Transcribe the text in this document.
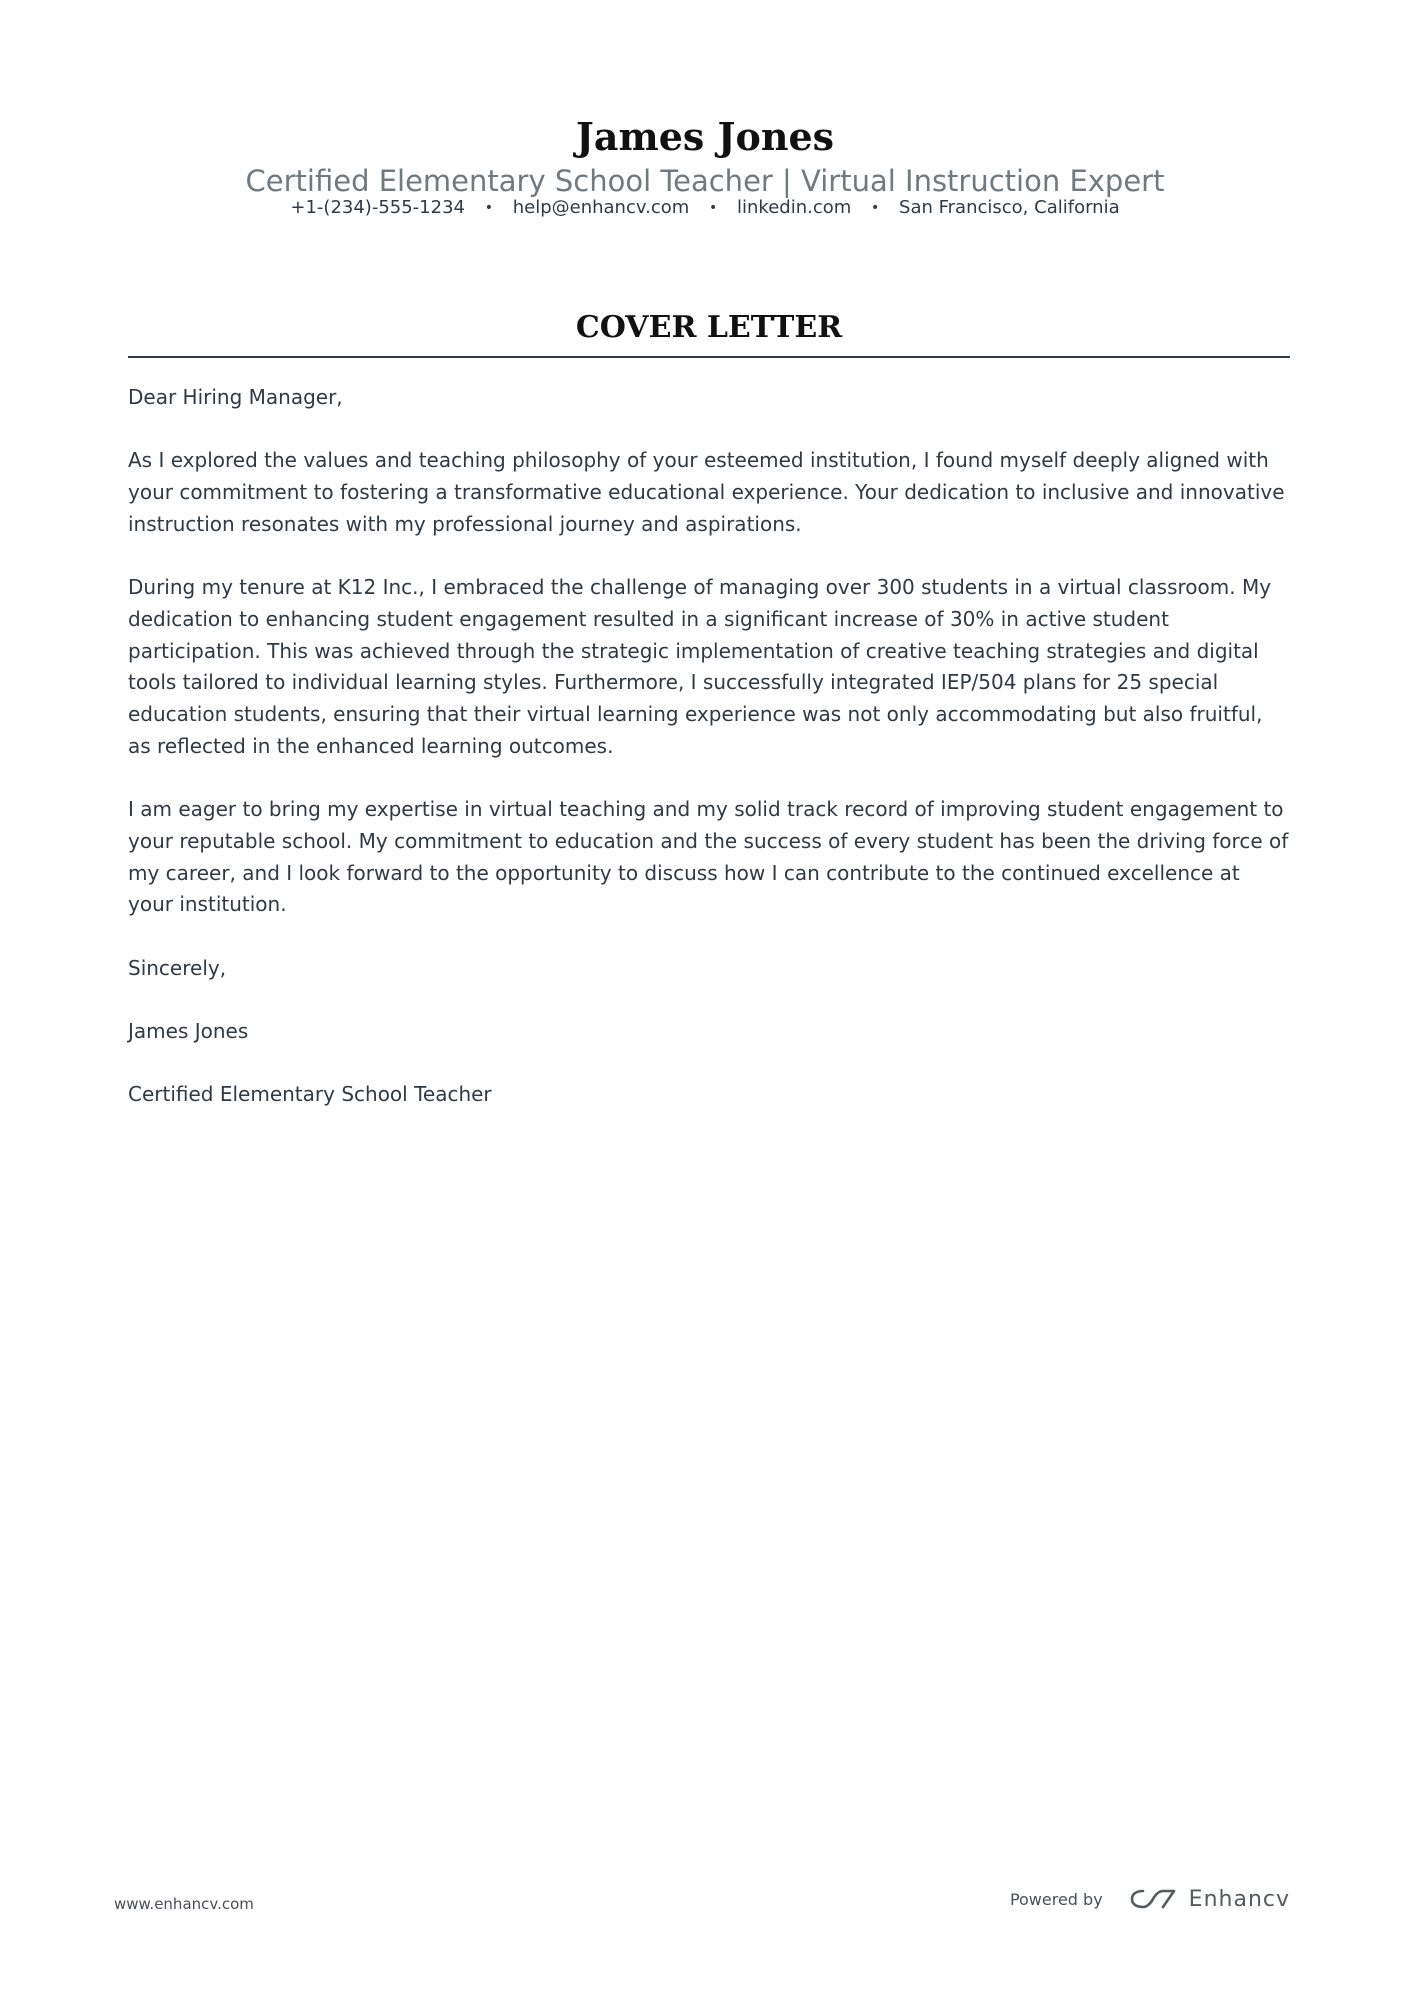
James Jones
Certified Elementary School Teacher | Virtual Instruction Expert
+1-(234)-555-1234 • help@enhancv.com • linkedin.com • San Francisco, California
COVER LETTER

Dear Hiring Manager,

As I explored the values and teaching philosophy of your esteemed institution, I found myself deeply aligned with your commitment to fostering a transformative educational experience. Your dedication to inclusive and innovative instruction resonates with my professional journey and aspirations.

During my tenure at K12 Inc., I embraced the challenge of managing over 300 students in a virtual classroom. My dedication to enhancing student engagement resulted in a significant increase of 30% in active student participation. This was achieved through the strategic implementation of creative teaching strategies and digital tools tailored to individual learning styles. Furthermore, I successfully integrated IEP/504 plans for 25 special education students, ensuring that their virtual learning experience was not only accommodating but also fruitful, as reflected in the enhanced learning outcomes.

I am eager to bring my expertise in virtual teaching and my solid track record of improving student engagement to your reputable school. My commitment to education and the success of every student has been the driving force of my career, and I look forward to the opportunity to discuss how I can contribute to the continued excellence at your institution.

Sincerely,

James Jones

Certified Elementary School Teacher

www.enhancv.com	Powered by	Enhancv
